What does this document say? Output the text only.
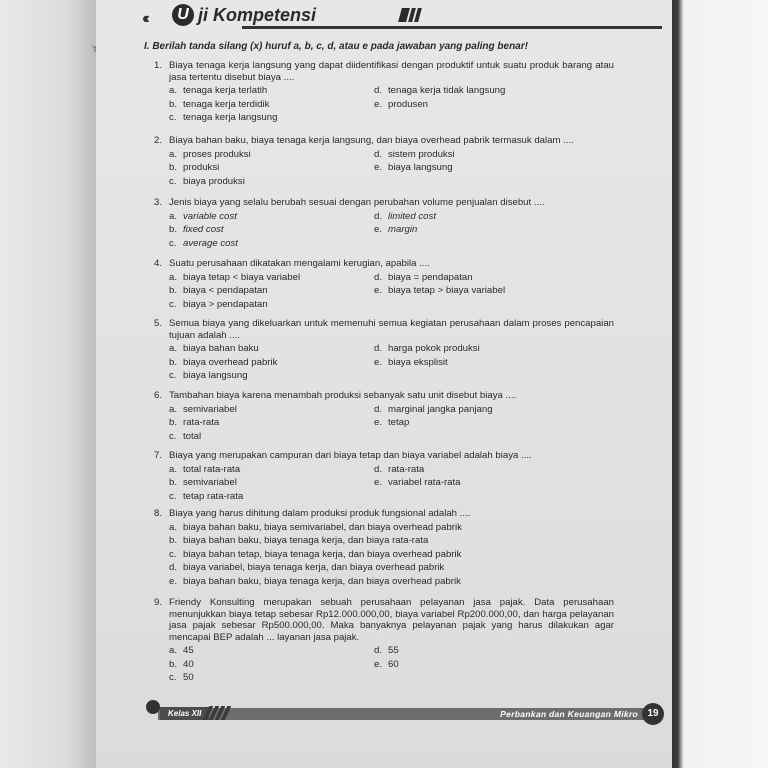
't
‹‹‹	U ji Kompetensi
I. Berilah tanda silang (x) huruf a, b, c, d, atau e pada jawaban yang paling benar!
1. Biaya tenaga kerja langsung yang dapat diidentifikasi dengan produktif untuk suatu produk barang atau jasa tertentu disebut biaya ....
a. tenaga kerja terlatih	d. tenaga kerja tidak langsung
b. tenaga kerja terdidik	e. produsen
c. tenaga kerja langsung
2. Biaya bahan baku, biaya tenaga kerja langsung, dan biaya overhead pabrik termasuk dalam ....
a. proses produksi	d. sistem produksi
b. produksi	e. biaya langsung
c. biaya produksi
3. Jenis biaya yang selalu berubah sesuai dengan perubahan volume penjualan disebut ....
a. variable cost	d. limited cost
b. fixed cost	e. margin
c. average cost
4. Suatu perusahaan dikatakan mengalami kerugian, apabila ....
a. biaya tetap < biaya variabel	d. biaya = pendapatan
b. biaya < pendapatan	e. biaya tetap > biaya variabel
c. biaya > pendapatan
5. Semua biaya yang dikeluarkan untuk memenuhi semua kegiatan perusahaan dalam proses pencapaian tujuan adalah ....
a. biaya bahan baku	d. harga pokok produksi
b. biaya overhead pabrik	e. biaya eksplisit
c. biaya langsung
6. Tambahan biaya karena menambah produksi sebanyak satu unit disebut biaya ....
a. semivariabel	d. marginal jangka panjang
b. rata-rata	e. tetap
c. total
7. Biaya yang merupakan campuran dari biaya tetap dan biaya variabel adalah biaya ....
a. total rata-rata	d. rata-rata
b. semivariabel	e. variabel rata-rata
c. tetap rata-rata
8. Biaya yang harus dihitung dalam produksi produk fungsional adalah ....
a. biaya bahan baku, biaya semivariabel, dan biaya overhead pabrik
b. biaya bahan baku, biaya tenaga kerja, dan biaya rata-rata
c. biaya bahan tetap, biaya tenaga kerja, dan biaya overhead pabrik
d. biaya variabel, biaya tenaga kerja, dan biaya overhead pabrik
e. biaya bahan baku, biaya tenaga kerja, dan biaya overhead pabrik
9. Friendy Konsulting merupakan sebuah perusahaan pelayanan jasa pajak. Data perusahaan menunjukkan biaya tetap sebesar Rp12.000.000,00, biaya variabel Rp200.000,00, dan harga pelayanan jasa pajak sebesar Rp500.000,00. Maka banyaknya pelayanan pajak yang harus dilakukan agar mencapai BEP adalah ... layanan jasa pajak.
a. 45	d. 55
b. 40	e. 60
c. 50
Kelas XII	Perbankan dan Keuangan Mikro 19
